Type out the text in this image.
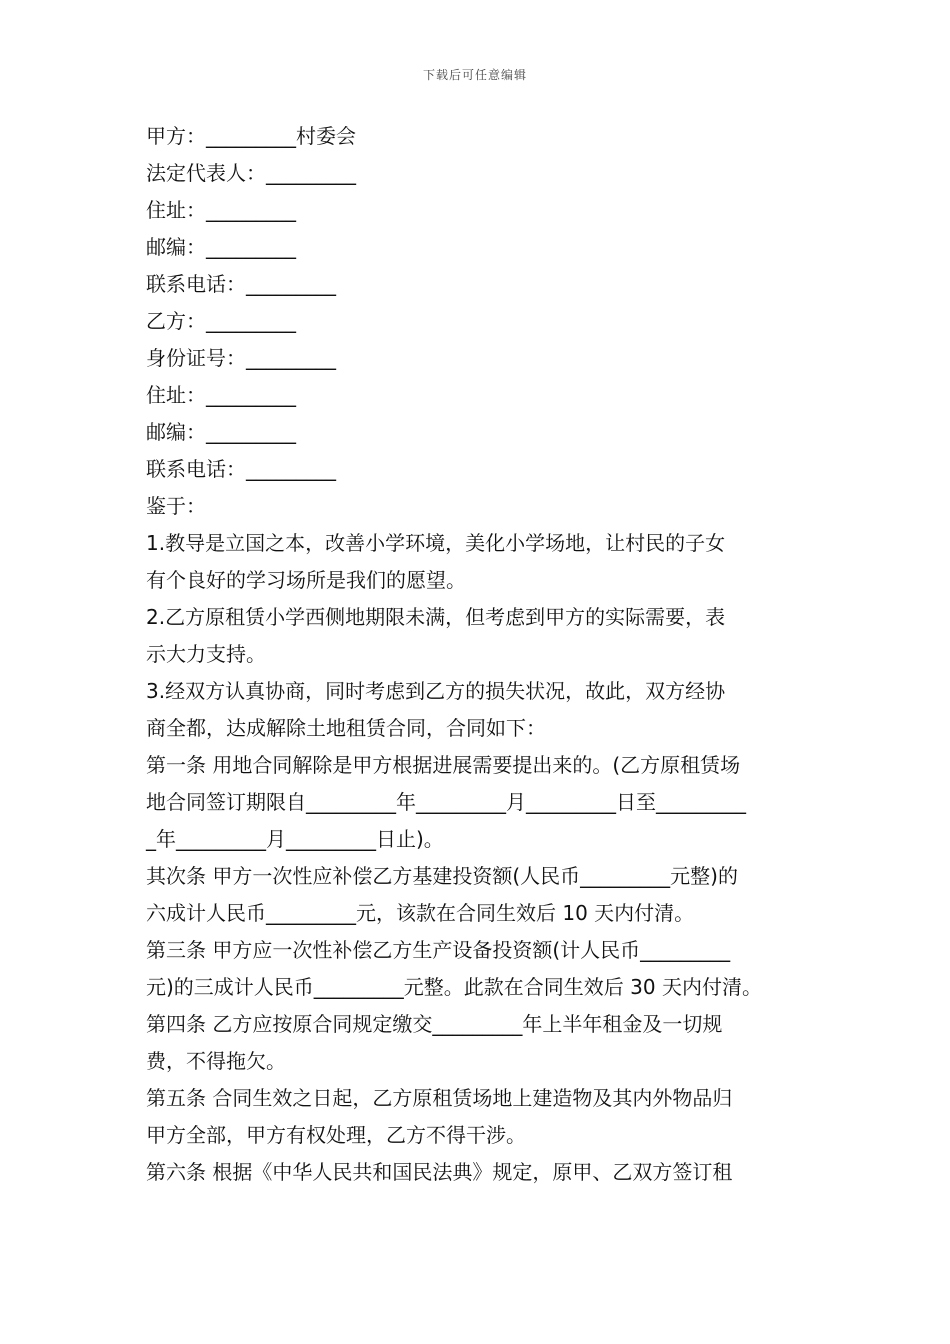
下载后可任意编辑

甲方：_________村委会

法定代表人：_________

住址：_________

邮编：_________

联系电话：_________

乙方：_________

身份证号：_________

住址：_________

邮编：_________

联系电话：_________

鉴于：

1.教导是立国之本，改善小学环境，美化小学场地，让村民的子女
有个良好的学习场所是我们的愿望。

2.乙方原租赁小学西侧地期限未满，但考虑到甲方的实际需要，表
示大力支持。

3.经双方认真协商，同时考虑到乙方的损失状况，故此，双方经协
商全都，达成解除土地租赁合同，合同如下：

第一条 用地合同解除是甲方根据进展需要提出来的。(乙方原租赁场
地合同签订期限自_________年_________月_________日至_________
_年_________月_________日止)。

其次条 甲方一次性应补偿乙方基建投资额(人民币_________元整)的
六成计人民币_________元，该款在合同生效后 10 天内付清。

第三条 甲方应一次性补偿乙方生产设备投资额(计人民币_________
元)的三成计人民币_________元整。此款在合同生效后 30 天内付清。

第四条 乙方应按原合同规定缴交_________年上半年租金及一切规
费，不得拖欠。

第五条 合同生效之日起，乙方原租赁场地上建造物及其内外物品归
甲方全部，甲方有权处理，乙方不得干涉。

第六条 根据《中华人民共和国民法典》规定，原甲、乙双方签订租
